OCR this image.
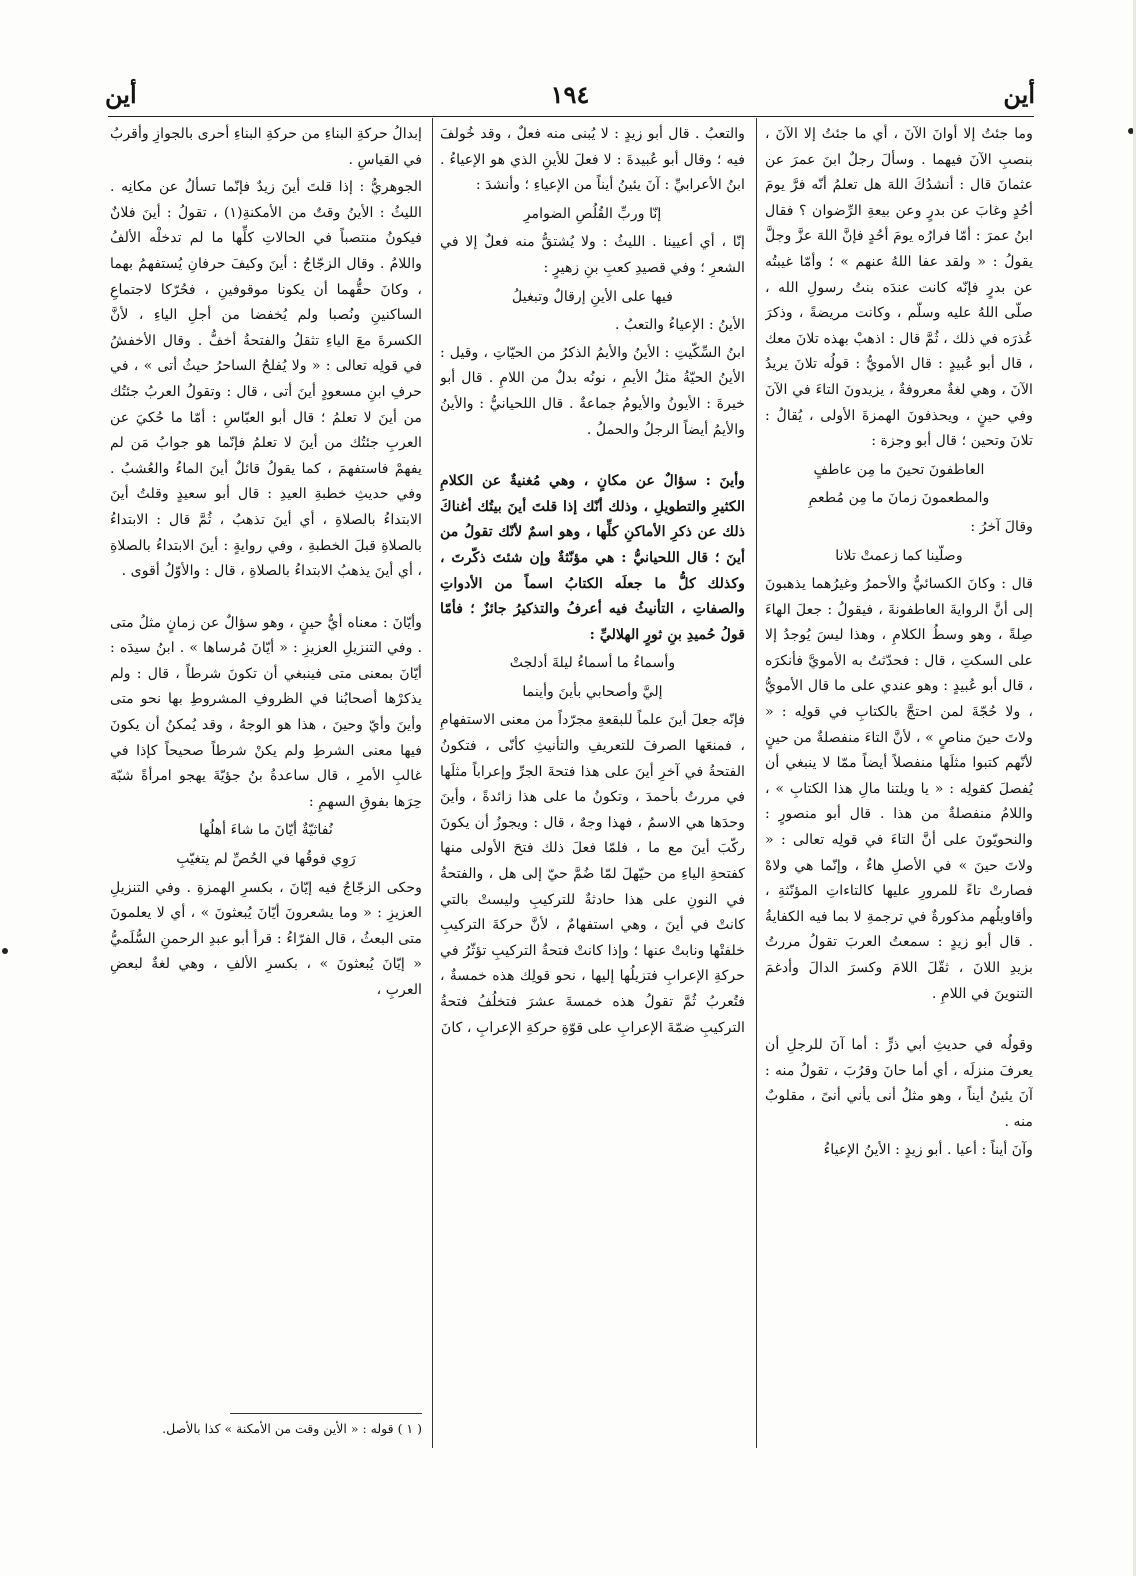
أين
١٩٤
أين

وما جئتُ إلا أوانَ الآنَ ، أي ما جئتُ إلا الآنَ ، بنصبِ الآنَ فيهما . وسألَ رجلٌ ابنَ عمرَ عن عثمانَ قال : أنشدُكَ اللهَ هل تعلمُ أنّه فرَّ يومَ أحُدٍ وغابَ عن بدرٍ وعن بيعةِ الرِّضوان ؟ فقال ابنُ عمرَ : أمّا فرارُه يومَ أحُدٍ فإنَّ اللهَ عزَّ وجلَّ يقولُ : « ولقد عفا اللهُ عنهم » ؛ وأمّا غيبتُه عن بدرٍ فإنّه كانت عندَه بنتُ رسولِ الله ، صلّى اللهُ عليه وسلّم ، وكانت مريضةً ، وذكرَ عُذرَه في ذلك ، ثُمَّ قال : اذهبْ بهذه تلانَ معك ، قال أبو عُبيدٍ : قال الأمويُّ : قولُه تلانَ يريدُ الآنَ ، وهي لغةٌ معروفةٌ ، يزيدونَ التاءَ في الآنَ وفي حينٍ ، ويحذفونَ الهمزةَ الأولى ، يُقالُ : تلانَ وتحين ؛ قال أبو وجزة :

العاطفونَ تحينَ ما مِن عاطفٍ

والمطعمونَ زمانَ ما مِن مُطعمِ

وقالَ آخرُ :

وصلّينا كما زعمتْ تلانا

قال : وكانَ الكسائيُّ والأحمرُ وغيرُهما يذهبونَ إلى أنَّ الروايةَ العاطفونةَ ، فيقولُ : جعلَ الهاءَ صِلةً ، وهو وسطُ الكلامِ ، وهذا ليسَ يُوجدُ إلا على السكتِ ، قال : فحدّثتُ به الأمويَّ فأنكرَه ، قال أبو عُبيدٍ : وهو عندي على ما قال الأمويُّ ، ولا حُجّةَ لمن احتجَّ بالكتابِ في قولِه : « ولاتَ حينَ مناصٍ » ، لأنَّ التاءَ منفصلةٌ من حينٍ لأنّهم كتبوا مثلَها منفصلاً أيضاً ممّا لا ينبغي أن يُفصلَ كقولِه : « يا ويلتنا مالِ هذا الكتابِ » ، واللامُ منفصلةٌ من هذا . قال أبو منصورٍ : والنحويّونَ على أنَّ التاءَ في قولِه تعالى : « ولاتَ حينَ » في الأصلِ هاءٌ ، وإنّما هي ولاهْ فصارتْ تاءً للمرورِ عليها كالتاءاتِ المؤنّثةِ ، وأقاويلُهم مذكورةٌ في ترجمةِ لا بما فيه الكفايةُ . قال أبو زيدٍ : سمعتُ العربَ تقولُ مررتُ بزيدِ اللانَ ، ثقّلَ اللامَ وكسرَ الدالَ وأدغمَ التنوينَ في اللامِ .

وقولُه في حديثِ أبي ذرٍّ : أما آنَ للرجلِ أن يعرفَ منزلَه ، أي أما حانَ وقرُبَ ، تقولُ منه : آنَ يئينُ أيناً ، وهو مثلُ أنى يأني أنىً ، مقلوبٌ منه .

وآنَ أيناً : أعيا . أبو زيدٍ : الأينُ الإعياءُ

والتعبُ . قال أبو زيدٍ : لا يُبنى منه فعلٌ ، وقد خُولفَ فيه ؛ وقال أبو عُبيدةَ : لا فعلَ للأينِ الذي هو الإعياءُ . ابنُ الأعرابيِّ : آنَ يئينُ أيناً من الإعياءِ ؛ وأنشدَ :

إنّا وربِّ القُلُصِ الضوامرِ

إنّا ، أي أعيينا . الليثُ : ولا يُشتقُّ منه فعلٌ إلا في الشعرِ ؛ وفي قصيدِ كعبِ بنِ زهيرٍ :

فيها على الأينِ إرقالٌ وتبغيلُ

الأينُ : الإعياءُ والتعبُ .

ابنُ السِّكّيتِ : الأينُ والأيمُ الذكرُ من الحيّاتِ ، وقيل : الأينُ الحيّةُ مثلُ الأيمِ ، نونُه بدلٌ من اللامِ . قال أبو خيرةَ : الأيونُ والأيومُ جماعةٌ . قال اللحيانيُّ : والأينُ والأيمُ أيضاً الرجلُ والحملُ .

وأينَ : سؤالٌ عن مكانٍ ، وهي مُغنيةٌ عن الكلامِ الكثيرِ والتطويلِ ، وذلك أنّك إذا قلتَ أينَ بيتُك أغناكَ ذلك عن ذكرِ الأماكنِ كلِّها ، وهو اسمٌ لأنّك تقولُ من أينَ ؛ قال اللحيانيُّ : هي مؤنّثةٌ وإن شئتَ ذكّرتَ ، وكذلك كلُّ ما جعلَه الكتابُ اسماً من الأدواتِ والصفاتِ ، التأنيثُ فيه أعرفُ والتذكيرُ جائزٌ ؛ فأمّا قولُ حُميدِ بنِ ثورٍ الهلاليِّ :

وأسماءُ ما أسماءُ ليلةَ أدلجتْ

إليَّ وأصحابي بأينَ وأينما

فإنّه جعلَ أينَ علماً للبقعةِ مجرّداً من معنى الاستفهامِ ، فمنعَها الصرفَ للتعريفِ والتأنيثِ كأنّى ، فتكونُ الفتحةُ في آخرِ أينَ على هذا فتحةَ الجرِّ وإعراباً مثلَها في مررتُ بأحمدَ ، وتكونُ ما على هذا زائدةً ، وأينَ وحدَها هي الاسمُ ، فهذا وجهٌ ، قال : ويجوزُ أن يكونَ ركّبَ أينَ مع ما ، فلمّا فعلَ ذلك فتحَ الأولى منها كفتحةِ الياءِ من حيّهلَ لمّا ضُمَّ حيّ إلى هل ، والفتحةُ في النونِ على هذا حادثةٌ للتركيبِ وليستْ بالتي كانتْ في أينَ ، وهي استفهامٌ ، لأنَّ حركةَ التركيبِ خلفتْها ونابتْ عنها ؛ وإذا كانتْ فتحةُ التركيبِ تؤثّرُ في حركةِ الإعرابِ فتزيلُها إليها ، نحو قولِك هذه خمسةٌ ، فتُعربُ ثُمَّ تقولُ هذه خمسةَ عشرَ فتخلُفُ فتحةُ التركيبِ ضمّةَ الإعرابِ على قوّةِ حركةِ الإعرابِ ، كانَ

إبدالُ حركةِ البناءِ من حركةِ البناءِ أحرى بالجوازِ وأقربُ في القياسِ .

الجوهريُّ : إذا قلتَ أينَ زيدٌ فإنّما تسألُ عن مكانِه . الليثُ : الأينُ وقتٌ من الأمكنةِ(١) ، تقولُ : أينَ فلانٌ فيكونُ منتصباً في الحالاتِ كلِّها ما لم تدخلْه الألفُ واللامُ . وقال الزجّاجُ : أينَ وكيفَ حرفانِ يُستفهمُ بهما ، وكانَ حقُّهما أن يكونا موقوفينِ ، فحُرّكا لاجتماعِ الساكنينِ ونُصبا ولم يُخفضا من أجلِ الياءِ ، لأنَّ الكسرةَ معَ الياءِ تثقلُ والفتحةُ أخفُّ . وقال الأخفشُ في قولِه تعالى : « ولا يُفلحُ الساحرُ حيثُ أتى » ، في حرفِ ابنِ مسعودٍ أينَ أتى ، قال : وتقولُ العربُ جئتُك من أينَ لا تعلمُ ؛ قال أبو العبّاسِ : أمّا ما حُكيَ عن العربِ جئتُك من أينَ لا تعلمُ فإنّما هو جوابُ مَن لم يفهمْ فاستفهمَ ، كما يقولُ قائلٌ أينَ الماءُ والعُشبُ . وفي حديثِ خطبةِ العيدِ : قال أبو سعيدٍ وقلتُ أينَ الابتداءُ بالصلاةِ ، أي أينَ تذهبُ ، ثُمَّ قال : الابتداءُ بالصلاةِ قبلَ الخطبةِ ، وفي روايةٍ : أينَ الابتداءُ بالصلاةِ ، أي أينَ يذهبُ الابتداءُ بالصلاةِ ، قال : والأوّلُ أقوى .

وأيّانَ : معناه أيُّ حينٍ ، وهو سؤالٌ عن زمانٍ مثلُ متى . وفي التنزيلِ العزيزِ : « أيّانَ مُرساها » . ابنُ سيدَه : أيّانَ بمعنى متى فينبغي أن تكونَ شرطاً ، قال : ولم يذكرْها أصحابُنا في الظروفِ المشروطِ بها نحو متى وأينَ وأيّ وحينَ ، هذا هو الوجهُ ، وقد يُمكنُ أن يكونَ فيها معنى الشرطِ ولم يكنْ شرطاً صحيحاً كإذا في غالبِ الأمرِ ، قال ساعدةُ بنُ جؤيّةَ يهجو امرأةً شبّهَ حِرَها بفوقِ السهمِ :

نُفاثيّةٌ أيّانَ ما شاءَ أهلُها

رَوِي فوقُها في الحُصِّ لم يتغيّبِ

وحكى الزجّاجُ فيه إيّانَ ، بكسرِ الهمزةِ . وفي التنزيلِ العزيزِ : « وما يشعرونَ أيّانَ يُبعثونَ » ، أي لا يعلمونَ متى البعثُ ، قال الفرّاءُ : قرأ أبو عبدِ الرحمنِ السُّلَميُّ « إيّانَ يُبعثونَ » ، بكسرِ الألفِ ، وهي لغةٌ لبعضِ العربِ ،

( ١ ) قوله : « الأين وقت من الأمكنة » كذا بالأصل.
